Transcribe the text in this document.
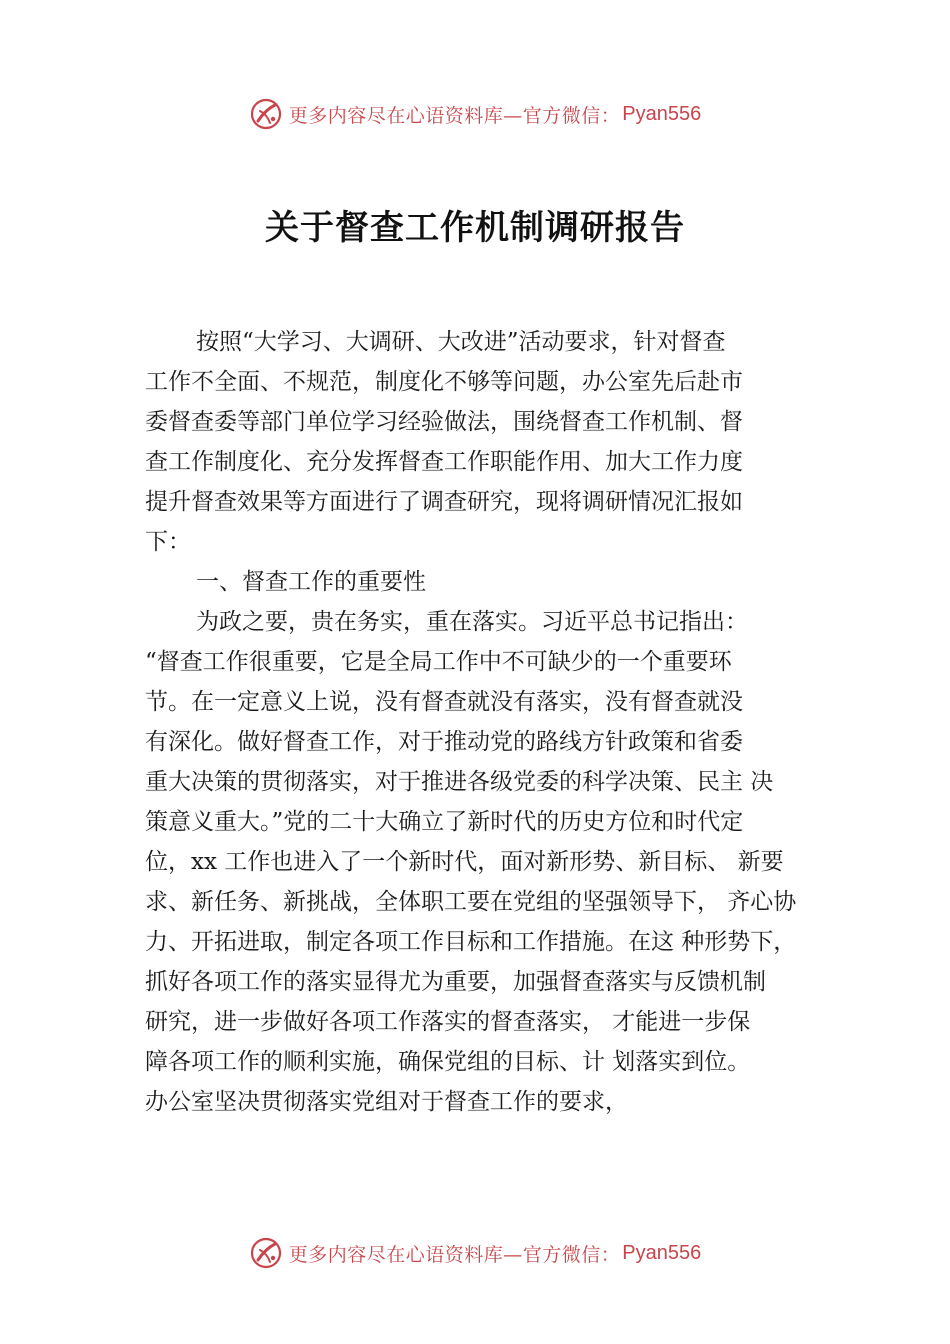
更多内容尽在心语资料库—官方微信： Pyan556
关于督查工作机制调研报告
按照“大学习、大调研、大改进”活动要求，针对督查
工作不全面、不规范，制度化不够等问题，办公室先后赴市
委督查委等部门单位学习经验做法，围绕督查工作机制、督
查工作制度化、充分发挥督查工作职能作用、加大工作力度
提升督查效果等方面进行了调查研究，现将调研情况汇报如
下：
一、督查工作的重要性
为政之要，贵在务实，重在落实。习近平总书记指出：
“督查工作很重要，它是全局工作中不可缺少的一个重要环
节。在一定意义上说，没有督查就没有落实，没有督查就没
有深化。做好督查工作，对于推动党的路线方针政策和省委
重大决策的贯彻落实，对于推进各级党委的科学决策、民主 决
策意义重大。”党的二十大确立了新时代的历史方位和时代定
位，xx 工作也进入了一个新时代，面对新形势、新目标、 新要
求、新任务、新挑战，全体职工要在党组的坚强领导下， 齐心协
力、开拓进取，制定各项工作目标和工作措施。在这 种形势下，
抓好各项工作的落实显得尤为重要，加强督查落实与反馈机制
研究，进一步做好各项工作落实的督查落实， 才能进一步保
障各项工作的顺利实施，确保党组的目标、计 划落实到位。
办公室坚决贯彻落实党组对于督查工作的要求，
更多内容尽在心语资料库—官方微信： Pyan556
